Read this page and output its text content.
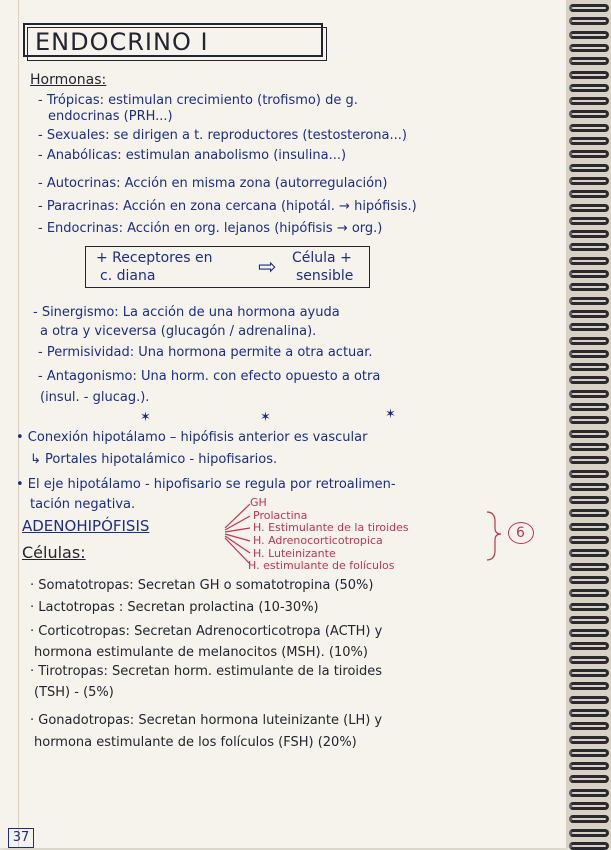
ENDOCRINO I
Hormonas:
- Trópicas: estimulan crecimiento (trofismo) de g.
endocrinas (PRH...)
- Sexuales: se dirigen a t. reproductores (testosterona...)
- Anabólicas: estimulan anabolismo (insulina...)
- Autocrinas: Acción en misma zona (autorregulación)
- Paracrinas: Acción en zona cercana (hipotál. → hipófisis.)
- Endocrinas: Acción en org. lejanos (hipófisis → org.)
+ Receptores en
c. diana	⇨ Célula +
sensible
- Sinergismo: La acción de una hormona ayuda
a otra y viceversa (glucagón / adrenalina).
- Permisividad: Una hormona permite a otra actuar.
- Antagonismo: Una horm. con efecto opuesto a otra
(insul. - glucag.).
✶	✶	✶
• Conexión hipotálamo – hipófisis anterior es vascular
↳ Portales hipotalámico - hipofisarios.
• El eje hipotálamo - hipofisario se regula por retroalimen-
tación negativa.
ADENOHIPÓFISIS
GH
Prolactina
H. Estimulante de la tiroides
H. Adrenocorticotropica
H. Luteinizante
H. estimulante de folículos
6
Células:
· Somatotropas: Secretan GH o somatotropina (50%)
· Lactotropas : Secretan prolactina (10-30%)
· Corticotropas: Secretan Adrenocorticotropa (ACTH) y
hormona estimulante de melanocitos (MSH). (10%)
· Tirotropas: Secretan horm. estimulante de la tiroides
(TSH) - (5%)
· Gonadotropas: Secretan hormona luteinizante (LH) y
hormona estimulante de los folículos (FSH) (20%)
37
